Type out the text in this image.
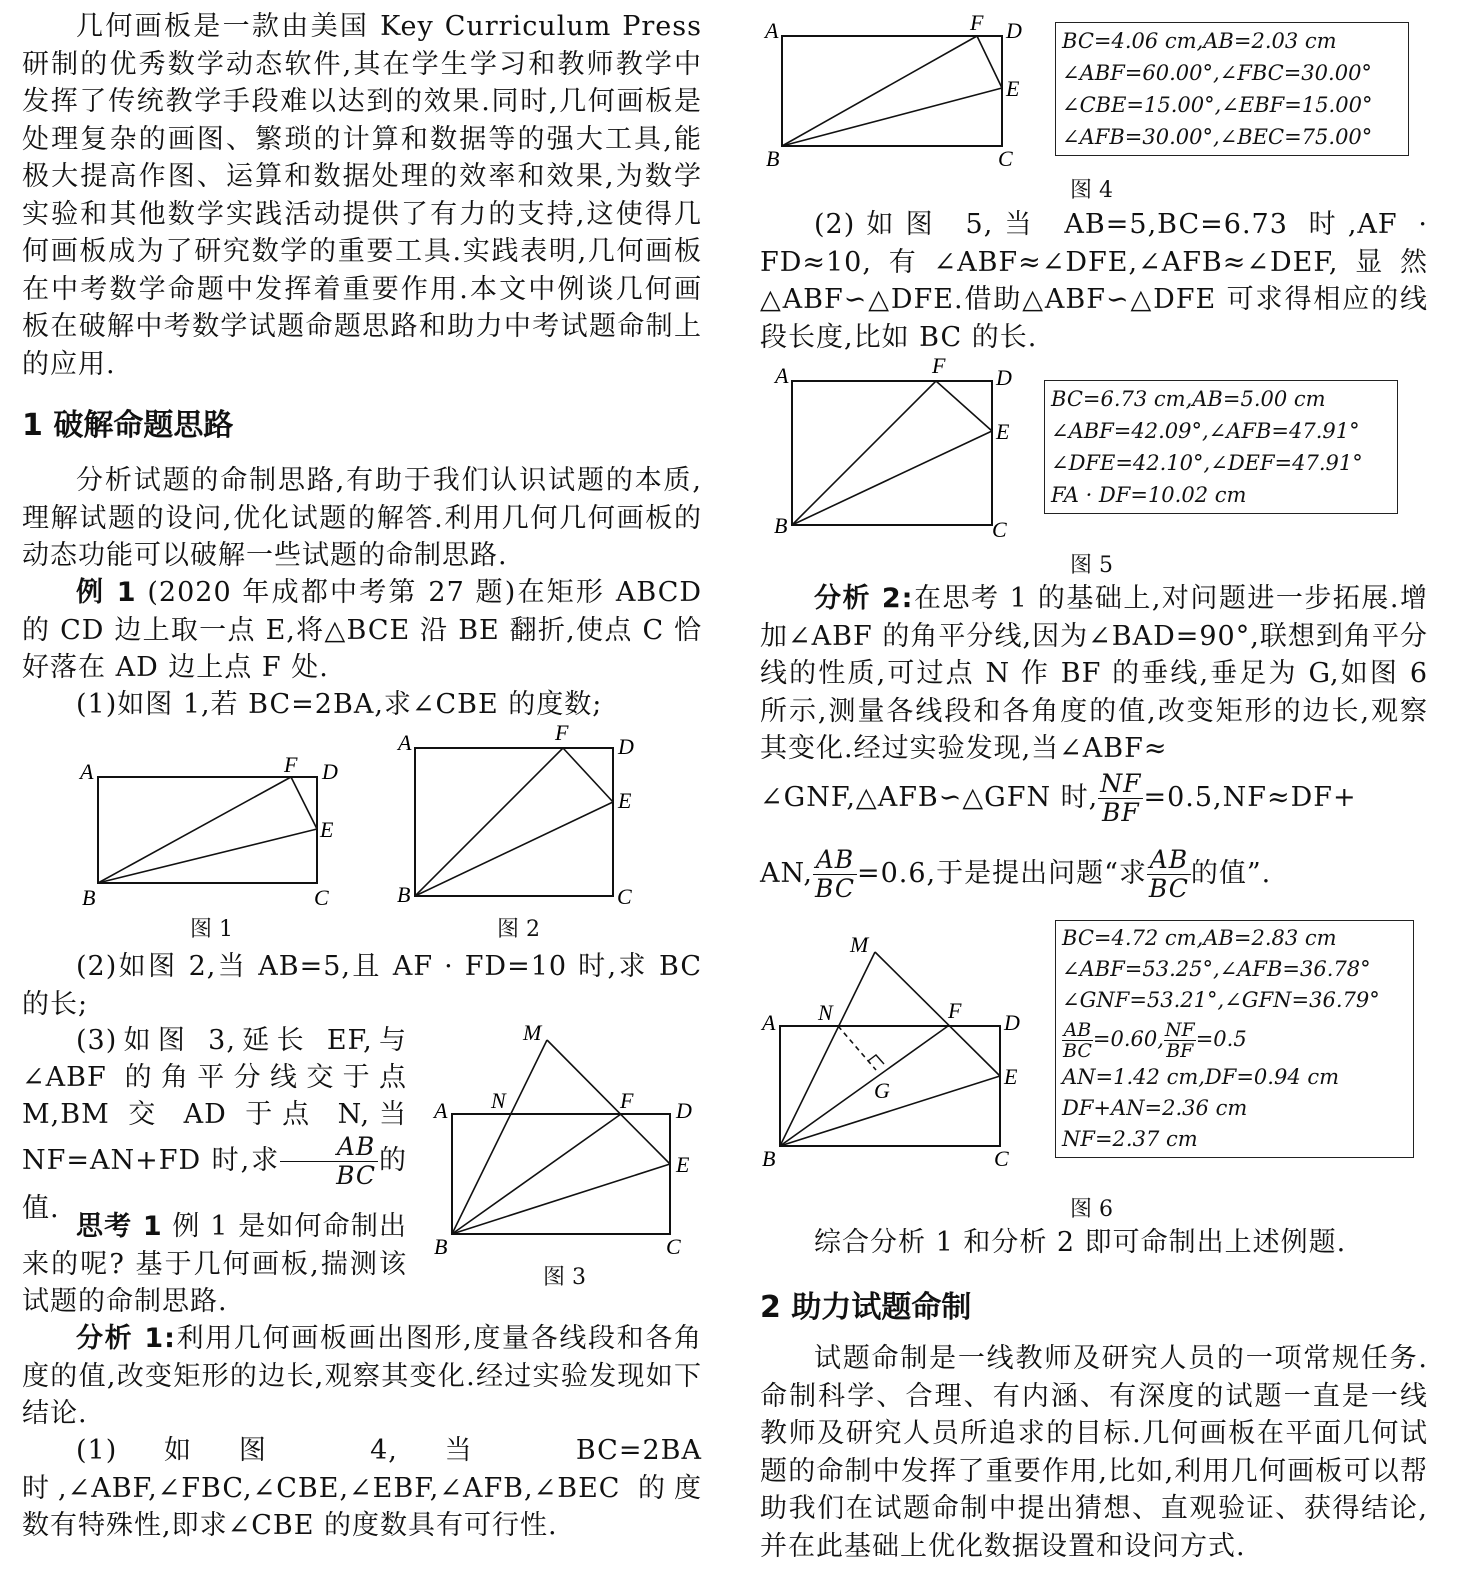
几何画板是一款由美国 Key Curriculum Press 研制的优秀数学动态软件,其在学生学习和教师教学中发挥了传统教学手段难以达到的效果.同时,几何画板是处理复杂的画图、繁琐的计算和数据等的强大工具,能极大提高作图、运算和数据处理的效率和效果,为数学实验和其他数学实践活动提供了有力的支持,这使得几何画板成为了研究数学的重要工具.实践表明,几何画板在中考数学命题中发挥着重要作用.本文中例谈几何画板在破解中考数学试题命题思路和助力中考试题命制上的应用.

1 破解命题思路

分析试题的命制思路,有助于我们认识试题的本质,理解试题的设问,优化试题的解答.利用几何几何画板的动态功能可以破解一些试题的命制思路.

例 1 (2020 年成都中考第 27 题)在矩形 ABCD 的 CD 边上取一点 E,将△BCE 沿 BE 翻折,使点 C 恰好落在 AD 边上点 F 处.

(1)如图 1,若 BC=2BA,求∠CBE 的度数;

A	F D
E
B	C
图 1
A	F
D
E
B	C
图 2

(2)如图 2,当 AB=5,且 AF · FD=10 时,求 BC 的长;

(3)如图 3,延长 EF,与∠ABF 的角平分线交于点 M,BM 交 AD 于点 N,当 NF=AN+FD 时,求 $\frac{AB}{BC}$ 的值.

思考 1 例 1 是如何命制出来的呢? 基于几何画板,揣测该试题的命制思路.

分析 1:利用几何画板画出图形,度量各线段和各角度的值,改变矩形的边长,观察其变化.经过实验发现如下结论.

(1)如图 4,当 BC=2BA 时,∠ABF,∠FBC,∠CBE,∠EBF,∠AFB,∠BEC 的度数有特殊性,即求∠CBE 的度数具有可行性.

M
A N	F D
E
B	C
图 3
A	F D
E
B	C
BC=4.06 cm,AB=2.03 cm
∠ABF=60.00°,∠FBC=30.00°
∠CBE=15.00°,∠EBF=15.00°
∠AFB=30.00°,∠BEC=75.00°
图 4

(2)如图 5,当 AB=5,BC=6.73 时,AF · FD≈10,有∠ABF≈∠DFE,∠AFB≈∠DEF,显然△ABF∽△DFE.借助△ABF∽△DFE 可求得相应的线段长度,比如 BC 的长.

A	F D
E
B	C
BC=6.73 cm,AB=5.00 cm
∠ABF=42.09°,∠AFB=47.91°
∠DFE=42.10°,∠DEF=47.91°
FA · DF=10.02 cm
图 5

分析 2:在思考 1 的基础上,对问题进一步拓展.增加∠ABF 的角平分线,因为∠BAD=90°,联想到角平分线的性质,可过点 N 作 BF 的垂线,垂足为 G,如图 6 所示,测量各线段和各角度的值,改变矩形的边长,观察其变化.经过实验发现,当∠ABF≈

∠GNF,△AFB∽△GFN 时, $\frac{NF}{BF} =0.5,NF\approx DF+$

AN, $\frac{AB}{BC} =0.6$,于是提出问题“求 $\frac{AB}{BC}$ 的值”.

M
A N	F D
E
G
B	C
BC=4.72 cm,AB=2.83 cm
∠ABF=53.25°,∠AFB=36.78°
∠GNF=53.21°,∠GFN=36.79°
$\frac{AB}{BC} =0.60$, $\frac{NF}{BF} =0.5$
AN=1.42 cm,DF=0.94 cm
DF+AN=2.36 cm
NF=2.37 cm
图 6

综合分析 1 和分析 2 即可命制出上述例题.

2 助力试题命制

试题命制是一线教师及研究人员的一项常规任务.命制科学、合理、有内涵、有深度的试题一直是一线教师及研究人员所追求的目标.几何画板在平面几何试题的命制中发挥了重要作用,比如,利用几何画板可以帮助我们在试题命制中提出猜想、直观验证、获得结论,并在此基础上优化数据设置和设问方式.
